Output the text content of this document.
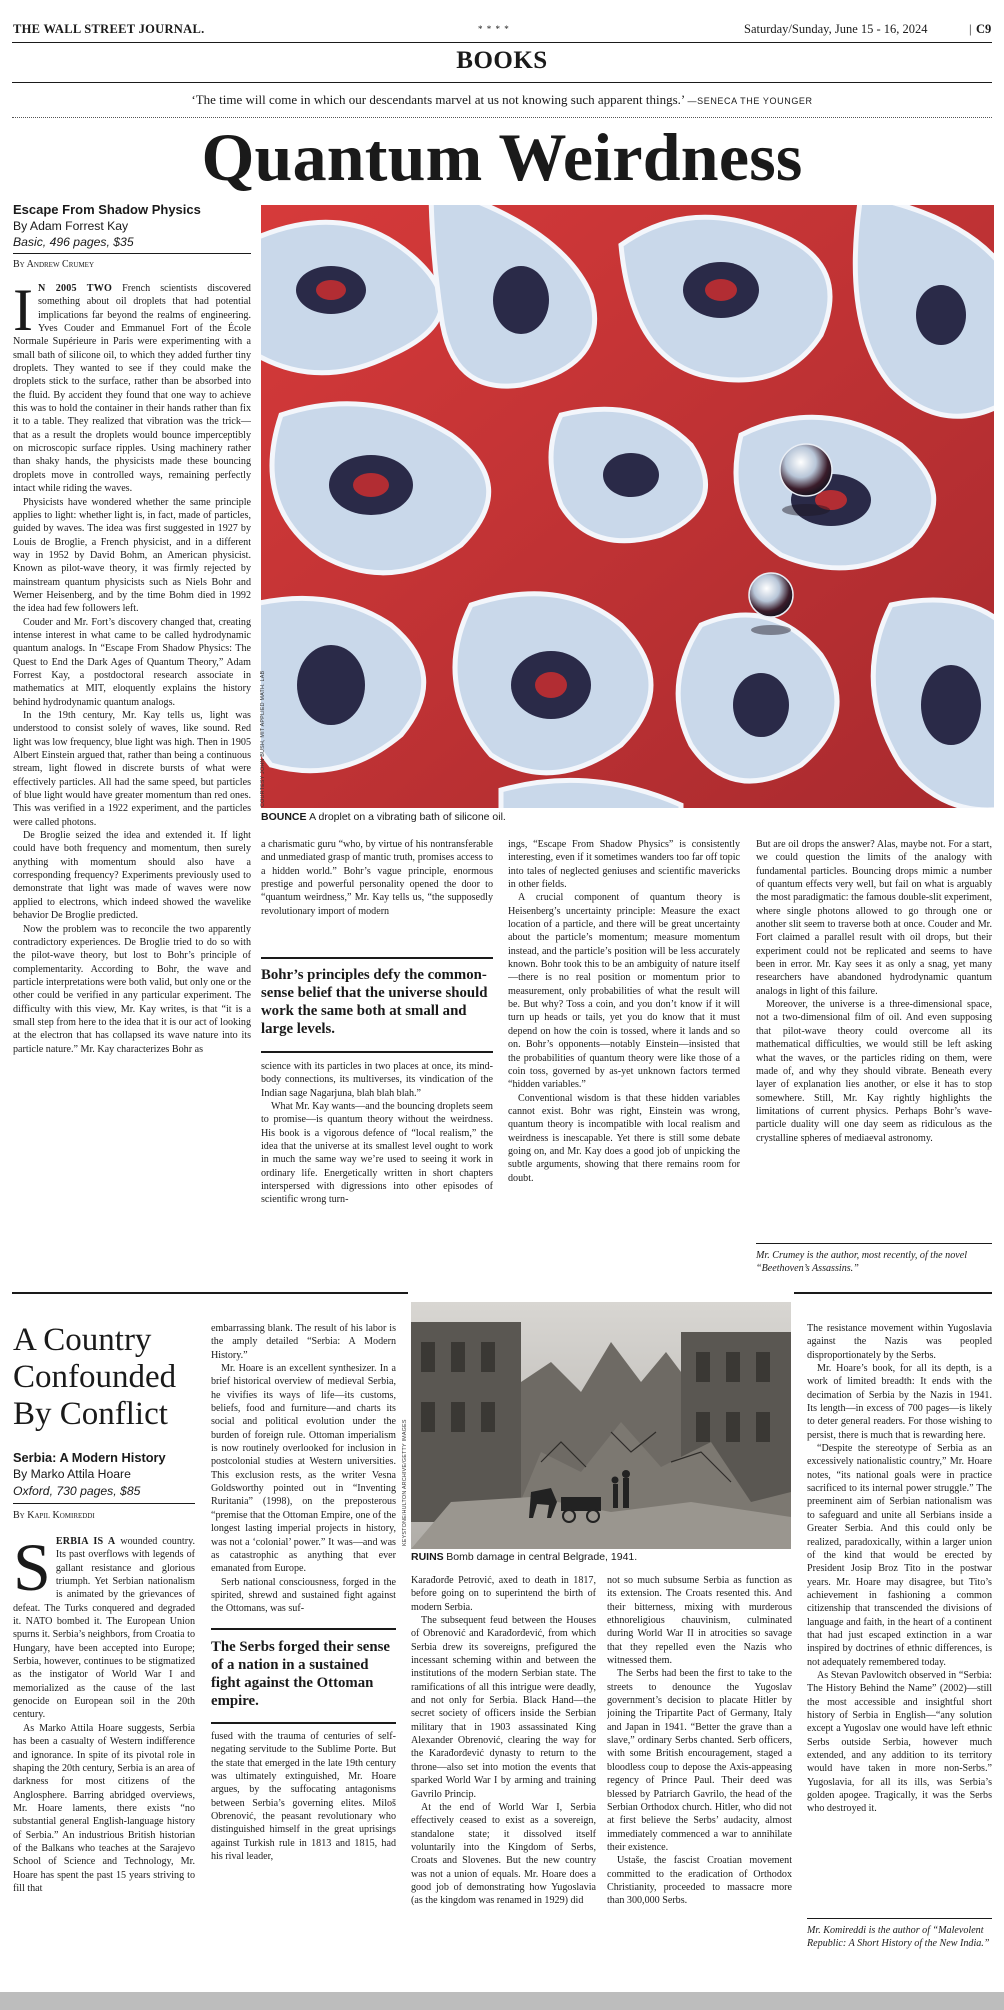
THE WALL STREET JOURNAL.	* * * *	Saturday/Sunday, June 15 - 16, 2024	| C9
BOOKS
‘The time will come in which our descendants marvel at us not knowing such apparent things.’ —SENECA THE YOUNGER
Quantum Weirdness
Escape From Shadow Physics
By Adam Forrest Kay
Basic, 496 pages, $35
By Andrew Crumey
COURTESY JOHN BUSH, MIT APPLIED MATH. LAB
BOUNCE A droplet on a vibrating bath of silicone oil.

I N 2005 TWO French scientists discovered something about oil droplets that had potential implications far beyond the realms of engineering. Yves Couder and Emmanuel Fort of the École Normale Supérieure in Paris were experimenting with a small bath of silicone oil, to which they added further tiny droplets. They wanted to see if they could make the droplets stick to the surface, rather than be absorbed into the fluid. By accident they found that one way to achieve this was to hold the container in their hands rather than fix it to a table. They realized that vibration was the trick—that as a result the droplets would bounce imperceptibly on microscopic surface ripples. Using machinery rather than shaky hands, the physicists made these bouncing droplets move in controlled ways, remaining perfectly intact while riding the waves.

Physicists have wondered whether the same principle applies to light: whether light is, in fact, made of particles, guided by waves. The idea was first suggested in 1927 by Louis de Broglie, a French physicist, and in a different way in 1952 by David Bohm, an American physicist. Known as pilot-wave theory, it was firmly rejected by mainstream quantum physicists such as Niels Bohr and Werner Heisenberg, and by the time Bohm died in 1992 the idea had few followers left.

Couder and Mr. Fort’s discovery changed that, creating intense interest in what came to be called hydrodynamic quantum analogs. In “Escape From Shadow Physics: The Quest to End the Dark Ages of Quantum Theory,” Adam Forrest Kay, a postdoctoral research associate in mathematics at MIT, eloquently explains the history behind hydrodynamic quantum analogs.

In the 19th century, Mr. Kay tells us, light was understood to consist solely of waves, like sound. Red light was low frequency, blue light was high. Then in 1905 Albert Einstein argued that, rather than being a continuous stream, light flowed in discrete bursts of what were effectively particles. All had the same speed, but particles of blue light would have greater momentum than red ones. This was verified in a 1922 experiment, and the particles were called photons.

De Broglie seized the idea and extended it. If light could have both frequency and momentum, then surely anything with momentum should also have a corresponding frequency? Experiments previously used to demonstrate that light was made of waves were now applied to electrons, which indeed showed the wavelike behavior De Broglie predicted.

Now the problem was to reconcile the two apparently contradictory experiences. De Broglie tried to do so with the pilot-wave theory, but lost to Bohr’s principle of complementarity. According to Bohr, the wave and particle interpretations were both valid, but only one or the other could be verified in any particular experiment. The difficulty with this view, Mr. Kay writes, is that “it is a small step from here to the idea that it is our act of looking at the electron that has collapsed its wave nature into its particle nature.” Mr. Kay characterizes Bohr as

a charismatic guru “who, by virtue of his nontransferable and unmediated grasp of mantic truth, promises access to a hidden world.” Bohr’s vague principle, enormous prestige and powerful personality opened the door to “quantum weirdness,” Mr. Kay tells us, “the supposedly revolutionary import of modern

Bohr’s principles defy the common-sense belief that the universe should work the same both at small and large levels.

science with its particles in two places at once, its mind-body connections, its multiverses, its vindication of the Indian sage Nagarjuna, blah blah blah.”

What Mr. Kay wants—and the bouncing droplets seem to promise—is quantum theory without the weirdness. His book is a vigorous defence of “local realism,” the idea that the universe at its smallest level ought to work in much the same way we’re used to seeing it work in ordinary life. Energetically written in short chapters interspersed with digressions into other episodes of scientific wrong turn-

ings, “Escape From Shadow Physics” is consistently interesting, even if it sometimes wanders too far off topic into tales of neglected geniuses and scientific mavericks in other fields.

A crucial component of quantum theory is Heisenberg’s uncertainty principle: Measure the exact location of a particle, and there will be great uncertainty about the particle’s momentum; measure momentum instead, and the particle’s position will be less accurately known. Bohr took this to be an ambiguity of nature itself—there is no real position or momentum prior to measurement, only probabilities of what the result will be. But why? Toss a coin, and you don’t know if it will turn up heads or tails, yet you do know that it must depend on how the coin is tossed, where it lands and so on. Bohr’s opponents—notably Einstein—insisted that the probabilities of quantum theory were like those of a coin toss, governed by as-yet unknown factors termed “hidden variables.”

Conventional wisdom is that these hidden variables cannot exist. Bohr was right, Einstein was wrong, quantum theory is incompatible with local realism and weirdness is inescapable. Yet there is still some debate going on, and Mr. Kay does a good job of unpicking the subtle arguments, showing that there remains room for doubt.

But are oil drops the answer? Alas, maybe not. For a start, we could question the limits of the analogy with fundamental particles. Bouncing drops mimic a number of quantum effects very well, but fail on what is arguably the most paradigmatic: the famous double-slit experiment, where single photons allowed to go through one or another slit seem to traverse both at once. Couder and Mr. Fort claimed a parallel result with oil drops, but their experiment could not be replicated and seems to have been in error. Mr. Kay sees it as only a snag, yet many researchers have abandoned hydrodynamic quantum analogs in light of this failure.

Moreover, the universe is a three-dimensional space, not a two-dimensional film of oil. And even supposing that pilot-wave theory could overcome all its mathematical difficulties, we would still be left asking what the waves, or the particles riding on them, were made of, and why they should vibrate. Beneath every layer of explanation lies another, or else it has to stop somewhere. Still, Mr. Kay rightly highlights the limitations of current physics. Perhaps Bohr’s wave-particle duality will one day seem as ridiculous as the crystalline spheres of mediaeval astronomy.

Mr. Crumey is the author, most recently, of the novel “Beethoven’s Assassins.”
A Country Confounded By Conflict
Serbia: A Modern History
By Marko Attila Hoare
Oxford, 730 pages, $85
By Kapil Komireddi

SERBIA IS A wounded country. Its past overflows with legends of gallant resistance and glorious triumph. Yet Serbian nationalism is animated by the grievances of defeat. The Turks conquered and degraded it. NATO bombed it. The European Union spurns it. Serbia’s neighbors, from Croatia to Hungary, have been accepted into Europe; Serbia, however, continues to be stigmatized as the instigator of World War I and memorialized as the cause of the last genocide on European soil in the 20th century.

As Marko Attila Hoare suggests, Serbia has been a casualty of Western indifference and ignorance. In spite of its pivotal role in shaping the 20th century, Serbia is an area of darkness for most citizens of the Anglosphere. Barring abridged overviews, Mr. Hoare laments, there exists “no substantial general English-language history of Serbia.” An industrious British historian of the Balkans who teaches at the Sarajevo School of Science and Technology, Mr. Hoare has spent the past 15 years striving to fill that

embarrassing blank. The result of his labor is the amply detailed “Serbia: A Modern History.”

Mr. Hoare is an excellent synthesizer. In a brief historical overview of medieval Serbia, he vivifies its ways of life—its customs, beliefs, food and furniture—and charts its social and political evolution under the burden of foreign rule. Ottoman imperialism is now routinely overlooked for inclusion in postcolonial studies at Western universities. This exclusion rests, as the writer Vesna Goldsworthy pointed out in “Inventing Ruritania” (1998), on the preposterous “premise that the Ottoman Empire, one of the longest lasting imperial projects in history, was not a ‘colonial’ power.” It was—and was as catastrophic as anything that ever emanated from Europe.

Serb national consciousness, forged in the spirited, shrewd and sustained fight against the Ottomans, was suf-

The Serbs forged their sense of a nation in a sustained fight against the Ottoman empire.

fused with the trauma of centuries of self-negating servitude to the Sublime Porte. But the state that emerged in the late 19th century was ultimately extinguished, Mr. Hoare argues, by the suffocating antagonisms between Serbia’s governing elites. Miloš Obrenović, the peasant revolutionary who distinguished himself in the great uprisings against Turkish rule in 1813 and 1815, had his rival leader,

KEYSTONE/HULTON ARCHIVE/GETTY IMAGES
RUINS Bomb damage in central Belgrade, 1941.

Karađorđe Petrović, axed to death in 1817, before going on to superintend the birth of modern Serbia.

The subsequent feud between the Houses of Obrenović and Karađorđević, from which Serbia drew its sovereigns, prefigured the incessant scheming within and between the institutions of the modern Serbian state. The ramifications of all this intrigue were deadly, and not only for Serbia. Black Hand—the secret society of officers inside the Serbian military that in 1903 assassinated King Alexander Obrenović, clearing the way for the Karađorđević dynasty to return to the throne—also set into motion the events that sparked World War I by arming and training Gavrilo Princip.

At the end of World War I, Serbia effectively ceased to exist as a sovereign, standalone state; it dissolved itself voluntarily into the Kingdom of Serbs, Croats and Slovenes. But the new country was not a union of equals. Mr. Hoare does a good job of demonstrating how Yugoslavia (as the kingdom was renamed in 1929) did

not so much subsume Serbia as function as its extension. The Croats resented this. And their bitterness, mixing with murderous ethnoreligious chauvinism, culminated during World War II in atrocities so savage that they repelled even the Nazis who witnessed them.

The Serbs had been the first to take to the streets to denounce the Yugoslav government’s decision to placate Hitler by joining the Tripartite Pact of Germany, Italy and Japan in 1941. “Better the grave than a slave,” ordinary Serbs chanted. Serb officers, with some British encouragement, staged a bloodless coup to depose the Axis-appeasing regency of Prince Paul. Their deed was blessed by Patriarch Gavrilo, the head of the Serbian Orthodox church. Hitler, who did not at first believe the Serbs’ audacity, almost immediately commenced a war to annihilate their existence.

Ustaše, the fascist Croatian movement committed to the eradication of Orthodox Christianity, proceeded to massacre more than 300,000 Serbs.

The resistance movement within Yugoslavia against the Nazis was peopled disproportionately by the Serbs.

Mr. Hoare’s book, for all its depth, is a work of limited breadth: It ends with the decimation of Serbia by the Nazis in 1941. Its length—in excess of 700 pages—is likely to deter general readers. For those wishing to persist, there is much that is rewarding here.

“Despite the stereotype of Serbia as an excessively nationalistic country,” Mr. Hoare notes, “its national goals were in practice sacrificed to its internal power struggle.” The preeminent aim of Serbian nationalism was to safeguard and unite all Serbians inside a Greater Serbia. And this could only be realized, paradoxically, within a larger union of the kind that would be erected by President Josip Broz Tito in the postwar years. Mr. Hoare may disagree, but Tito’s achievement in fashioning a common citizenship that transcended the divisions of language and faith, in the heart of a continent that had just escaped extinction in a war inspired by doctrines of ethnic differences, is not adequately remembered today.

As Stevan Pavlowitch observed in “Serbia: The History Behind the Name” (2002)—still the most accessible and insightful short history of Serbia in English—“any solution except a Yugoslav one would have left ethnic Serbs outside Serbia, however much extended, and any addition to its territory would have taken in more non-Serbs.” Yugoslavia, for all its ills, was Serbia’s golden apogee. Tragically, it was the Serbs who destroyed it.

Mr. Komireddi is the author of “Malevolent Republic: A Short History of the New India.”
